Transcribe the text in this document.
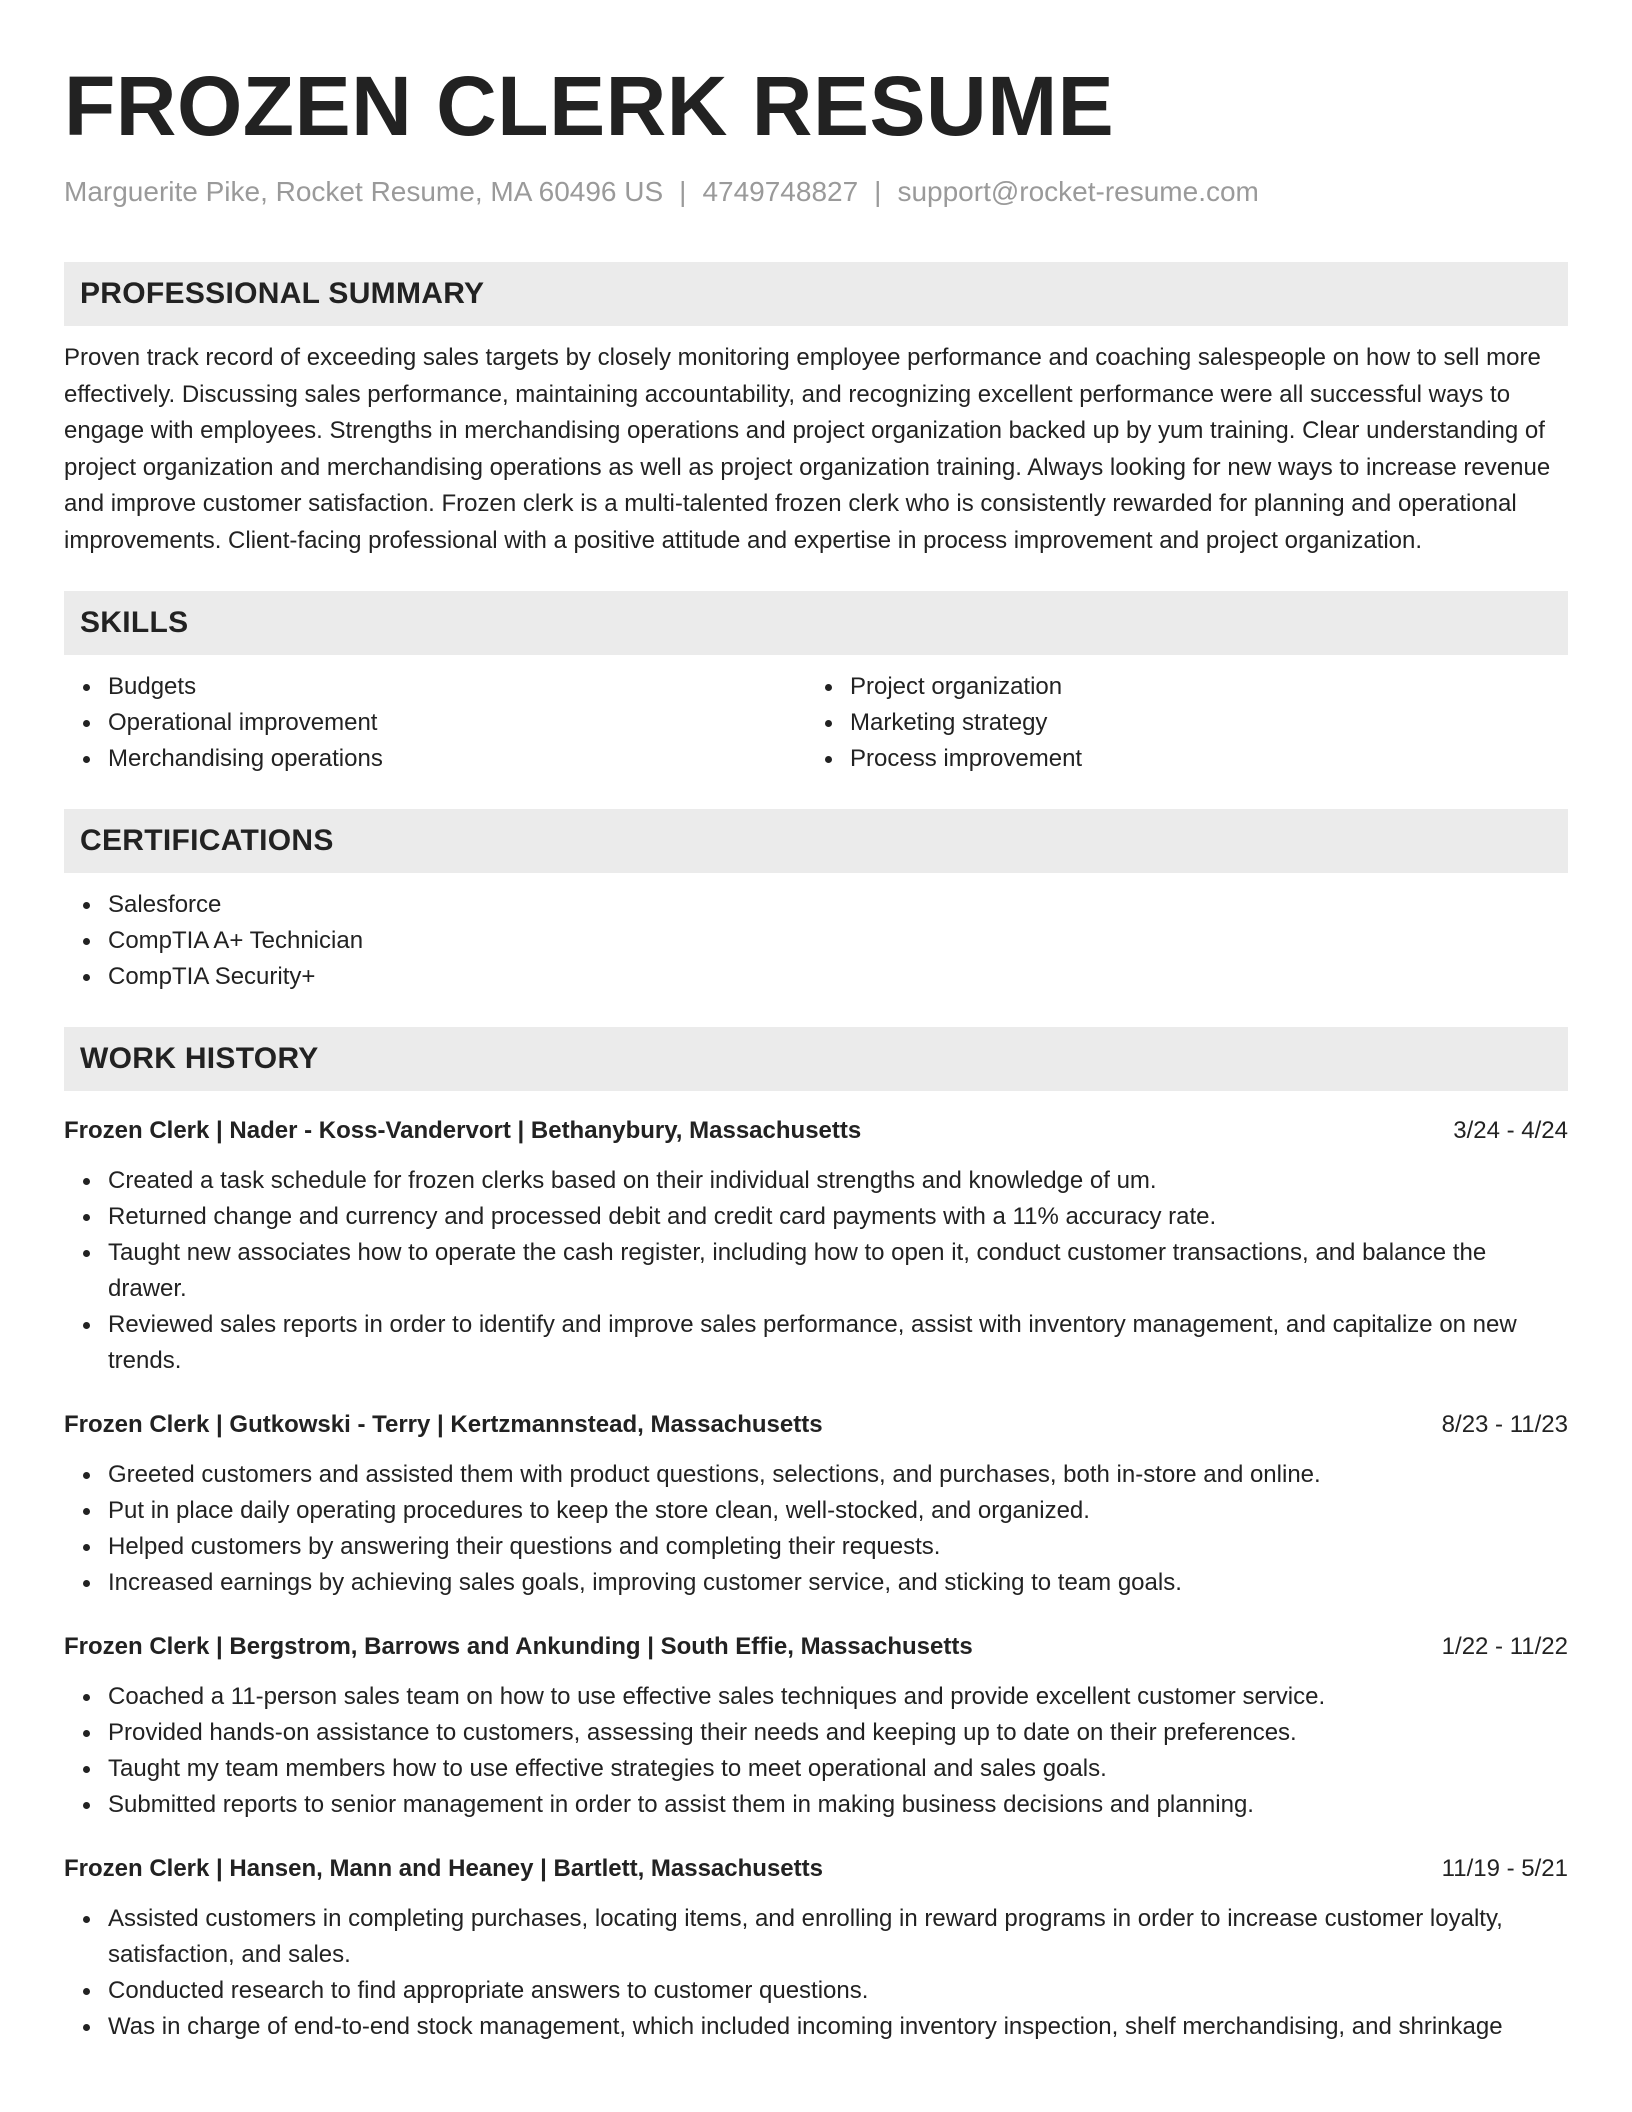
FROZEN CLERK RESUME
Marguerite Pike, Rocket Resume, MA 60496 US | 4749748827 | support@rocket-resume.com
PROFESSIONAL SUMMARY
Proven track record of exceeding sales targets by closely monitoring employee performance and coaching salespeople on how to sell more effectively. Discussing sales performance, maintaining accountability, and recognizing excellent performance were all successful ways to engage with employees. Strengths in merchandising operations and project organization backed up by yum training. Clear understanding of project organization and merchandising operations as well as project organization training. Always looking for new ways to increase revenue and improve customer satisfaction. Frozen clerk is a multi-talented frozen clerk who is consistently rewarded for planning and operational improvements. Client-facing professional with a positive attitude and expertise in process improvement and project organization.
SKILLS
Budgets
Operational improvement
Merchandising operations
Project organization
Marketing strategy
Process improvement
CERTIFICATIONS
Salesforce
CompTIA A+ Technician
CompTIA Security+
WORK HISTORY
Frozen Clerk | Nader - Koss-Vandervort | Bethanybury, Massachusetts	3/24 - 4/24
Created a task schedule for frozen clerks based on their individual strengths and knowledge of um.
Returned change and currency and processed debit and credit card payments with a 11% accuracy rate.
Taught new associates how to operate the cash register, including how to open it, conduct customer transactions, and balance the drawer.
Reviewed sales reports in order to identify and improve sales performance, assist with inventory management, and capitalize on new trends.
Frozen Clerk | Gutkowski - Terry | Kertzmannstead, Massachusetts	8/23 - 11/23
Greeted customers and assisted them with product questions, selections, and purchases, both in-store and online.
Put in place daily operating procedures to keep the store clean, well-stocked, and organized.
Helped customers by answering their questions and completing their requests.
Increased earnings by achieving sales goals, improving customer service, and sticking to team goals.
Frozen Clerk | Bergstrom, Barrows and Ankunding | South Effie, Massachusetts	1/22 - 11/22
Coached a 11-person sales team on how to use effective sales techniques and provide excellent customer service.
Provided hands-on assistance to customers, assessing their needs and keeping up to date on their preferences.
Taught my team members how to use effective strategies to meet operational and sales goals.
Submitted reports to senior management in order to assist them in making business decisions and planning.
Frozen Clerk | Hansen, Mann and Heaney | Bartlett, Massachusetts	11/19 - 5/21
Assisted customers in completing purchases, locating items, and enrolling in reward programs in order to increase customer loyalty, satisfaction, and sales.
Conducted research to find appropriate answers to customer questions.
Was in charge of end-to-end stock management, which included incoming inventory inspection, shelf merchandising, and shrinkage
